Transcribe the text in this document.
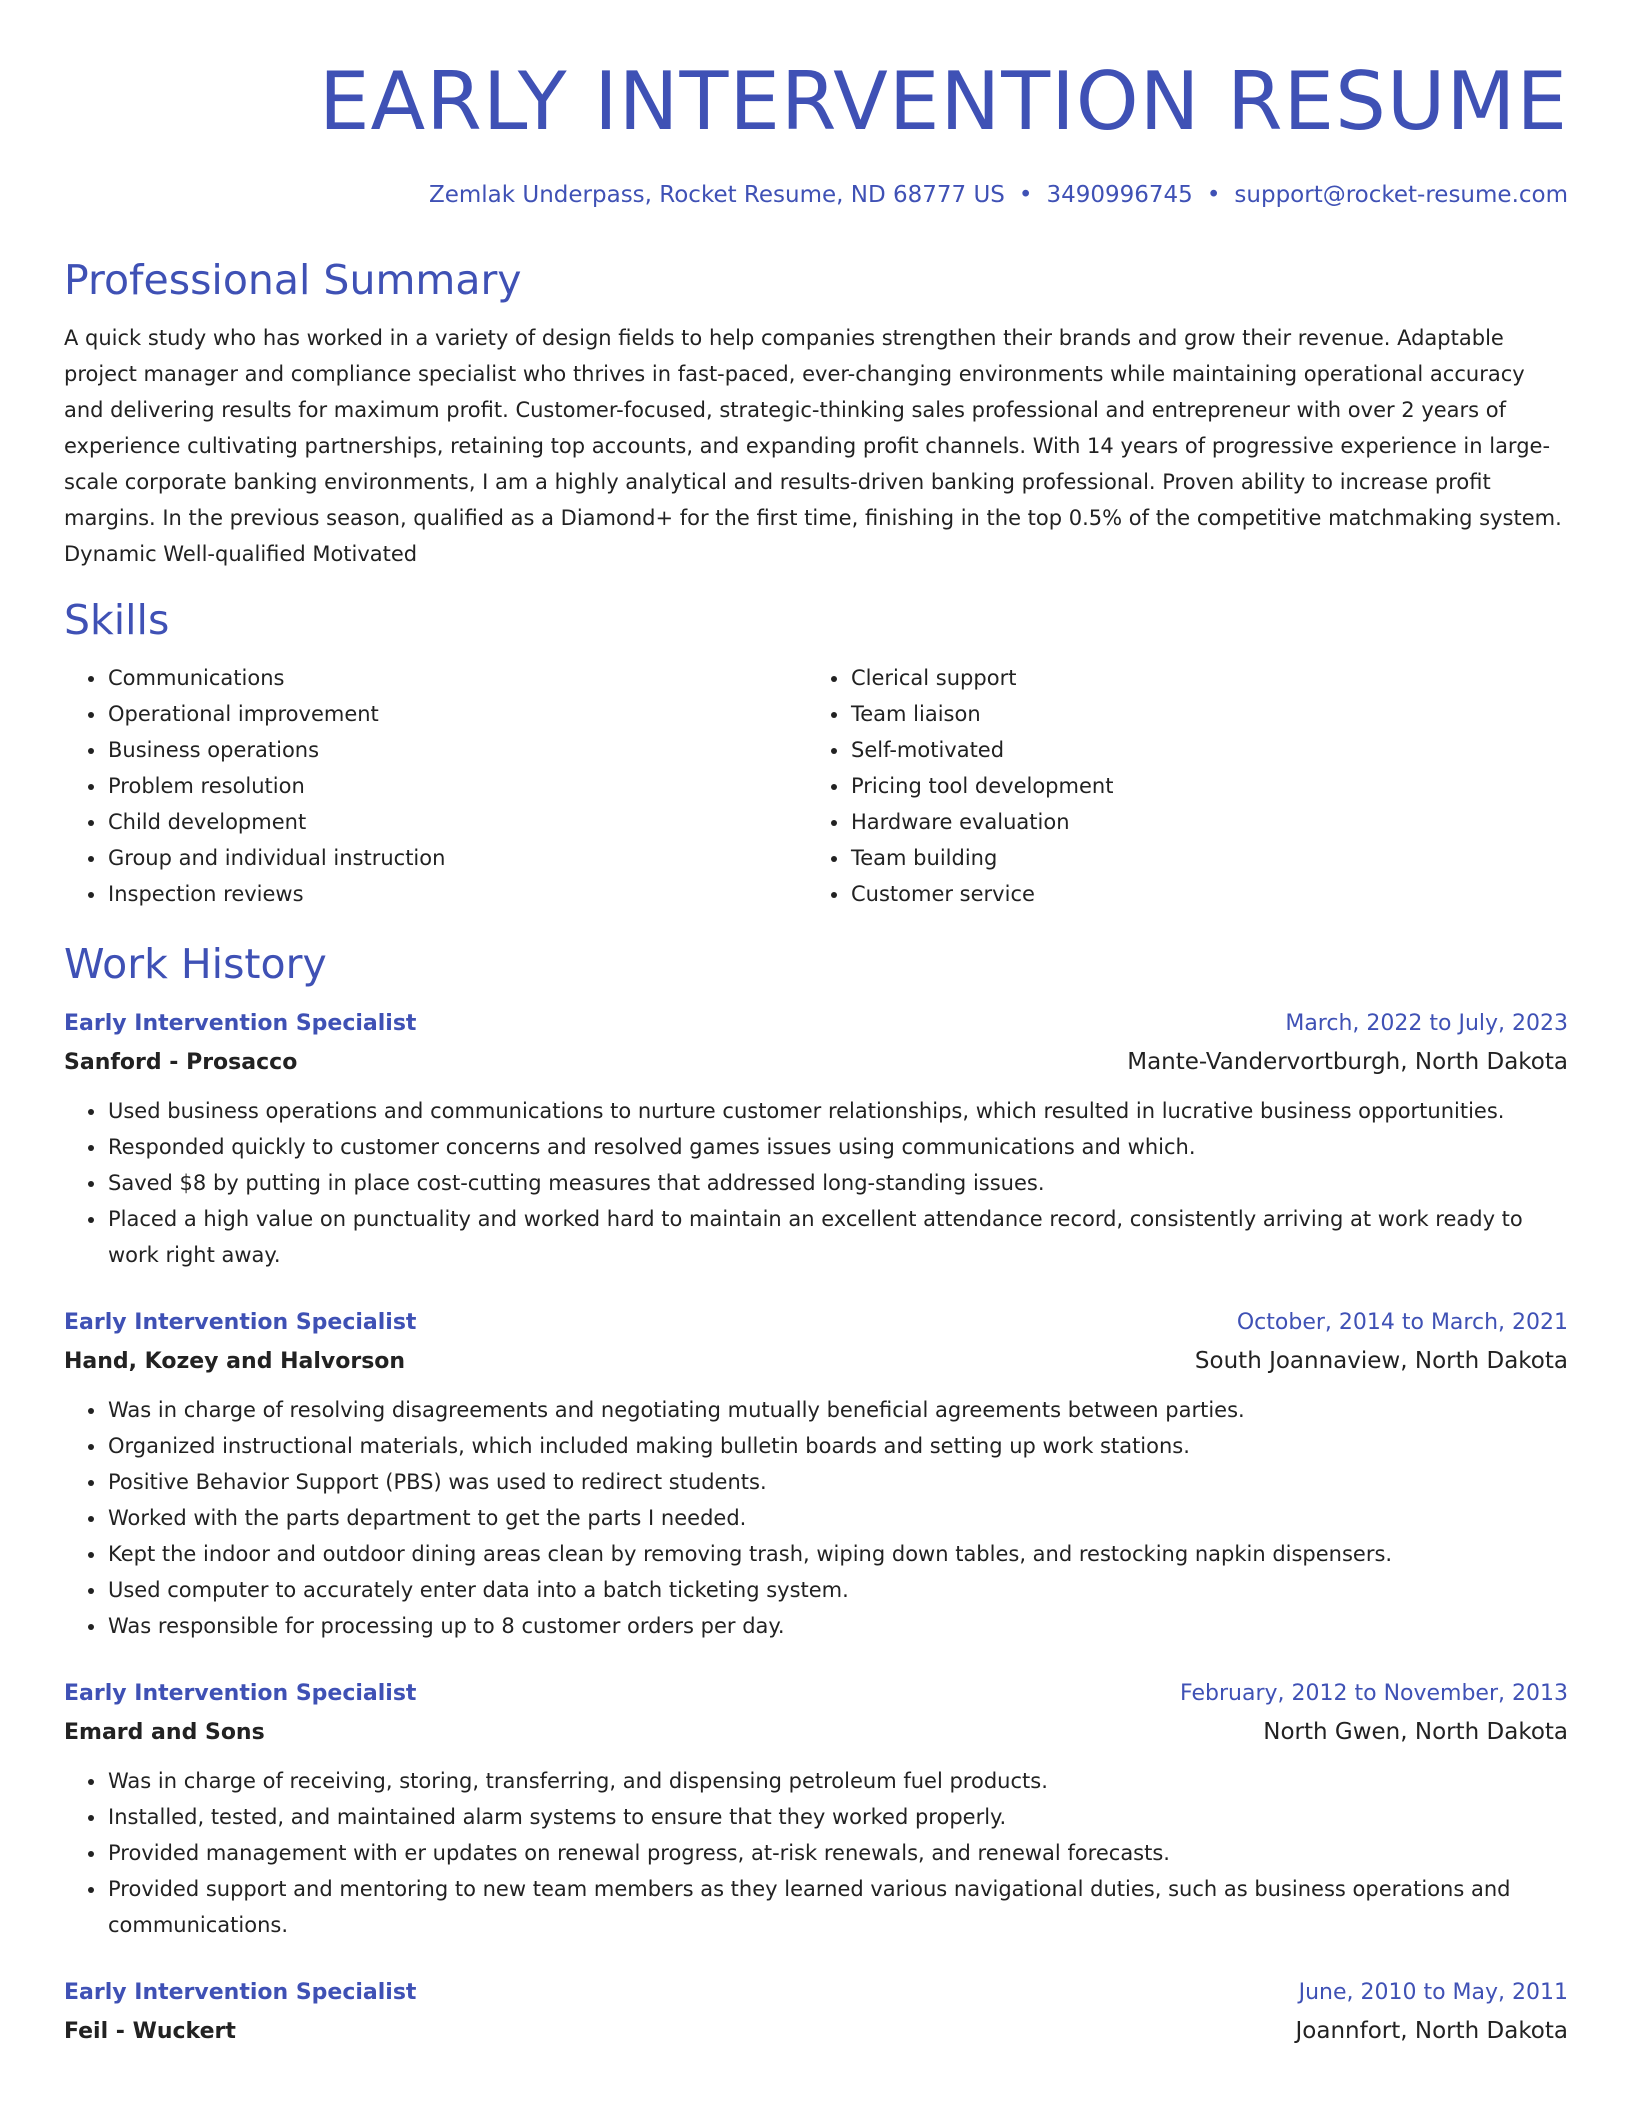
EARLY INTERVENTION RESUME
Zemlak Underpass, Rocket Resume, ND 68777 US • 3490996745 • support@rocket-resume.com
Professional Summary
A quick study who has worked in a variety of design fields to help companies strengthen their brands and grow their revenue. Adaptable project manager and compliance specialist who thrives in fast-paced, ever-changing environments while maintaining operational accuracy and delivering results for maximum profit. Customer-focused, strategic-thinking sales professional and entrepreneur with over 2 years of experience cultivating partnerships, retaining top accounts, and expanding profit channels. With 14 years of progressive experience in large-scale corporate banking environments, I am a highly analytical and results-driven banking professional. Proven ability to increase profit margins. In the previous season, qualified as a Diamond+ for the first time, finishing in the top 0.5% of the competitive matchmaking system. Dynamic Well-qualified Motivated
Skills
• Communications
• Operational improvement
• Business operations
• Problem resolution
• Child development
• Group and individual instruction
• Inspection reviews
• Clerical support
• Team liaison
• Self-motivated
• Pricing tool development
• Hardware evaluation
• Team building
• Customer service
Work History
Early Intervention Specialist	March, 2022 to July, 2023
Sanford - Prosacco	Mante-Vandervortburgh, North Dakota
• Used business operations and communications to nurture customer relationships, which resulted in lucrative business opportunities.
• Responded quickly to customer concerns and resolved games issues using communications and which.
• Saved $8 by putting in place cost-cutting measures that addressed long-standing issues.
• Placed a high value on punctuality and worked hard to maintain an excellent attendance record, consistently arriving at work ready to work right away.
Early Intervention Specialist	October, 2014 to March, 2021
Hand, Kozey and Halvorson	South Joannaview, North Dakota
• Was in charge of resolving disagreements and negotiating mutually beneficial agreements between parties.
• Organized instructional materials, which included making bulletin boards and setting up work stations.
• Positive Behavior Support (PBS) was used to redirect students.
• Worked with the parts department to get the parts I needed.
• Kept the indoor and outdoor dining areas clean by removing trash, wiping down tables, and restocking napkin dispensers.
• Used computer to accurately enter data into a batch ticketing system.
• Was responsible for processing up to 8 customer orders per day.
Early Intervention Specialist	February, 2012 to November, 2013
Emard and Sons	North Gwen, North Dakota
• Was in charge of receiving, storing, transferring, and dispensing petroleum fuel products.
• Installed, tested, and maintained alarm systems to ensure that they worked properly.
• Provided management with er updates on renewal progress, at-risk renewals, and renewal forecasts.
• Provided support and mentoring to new team members as they learned various navigational duties, such as business operations and communications.
Early Intervention Specialist	June, 2010 to May, 2011
Feil - Wuckert	Joannfort, North Dakota
